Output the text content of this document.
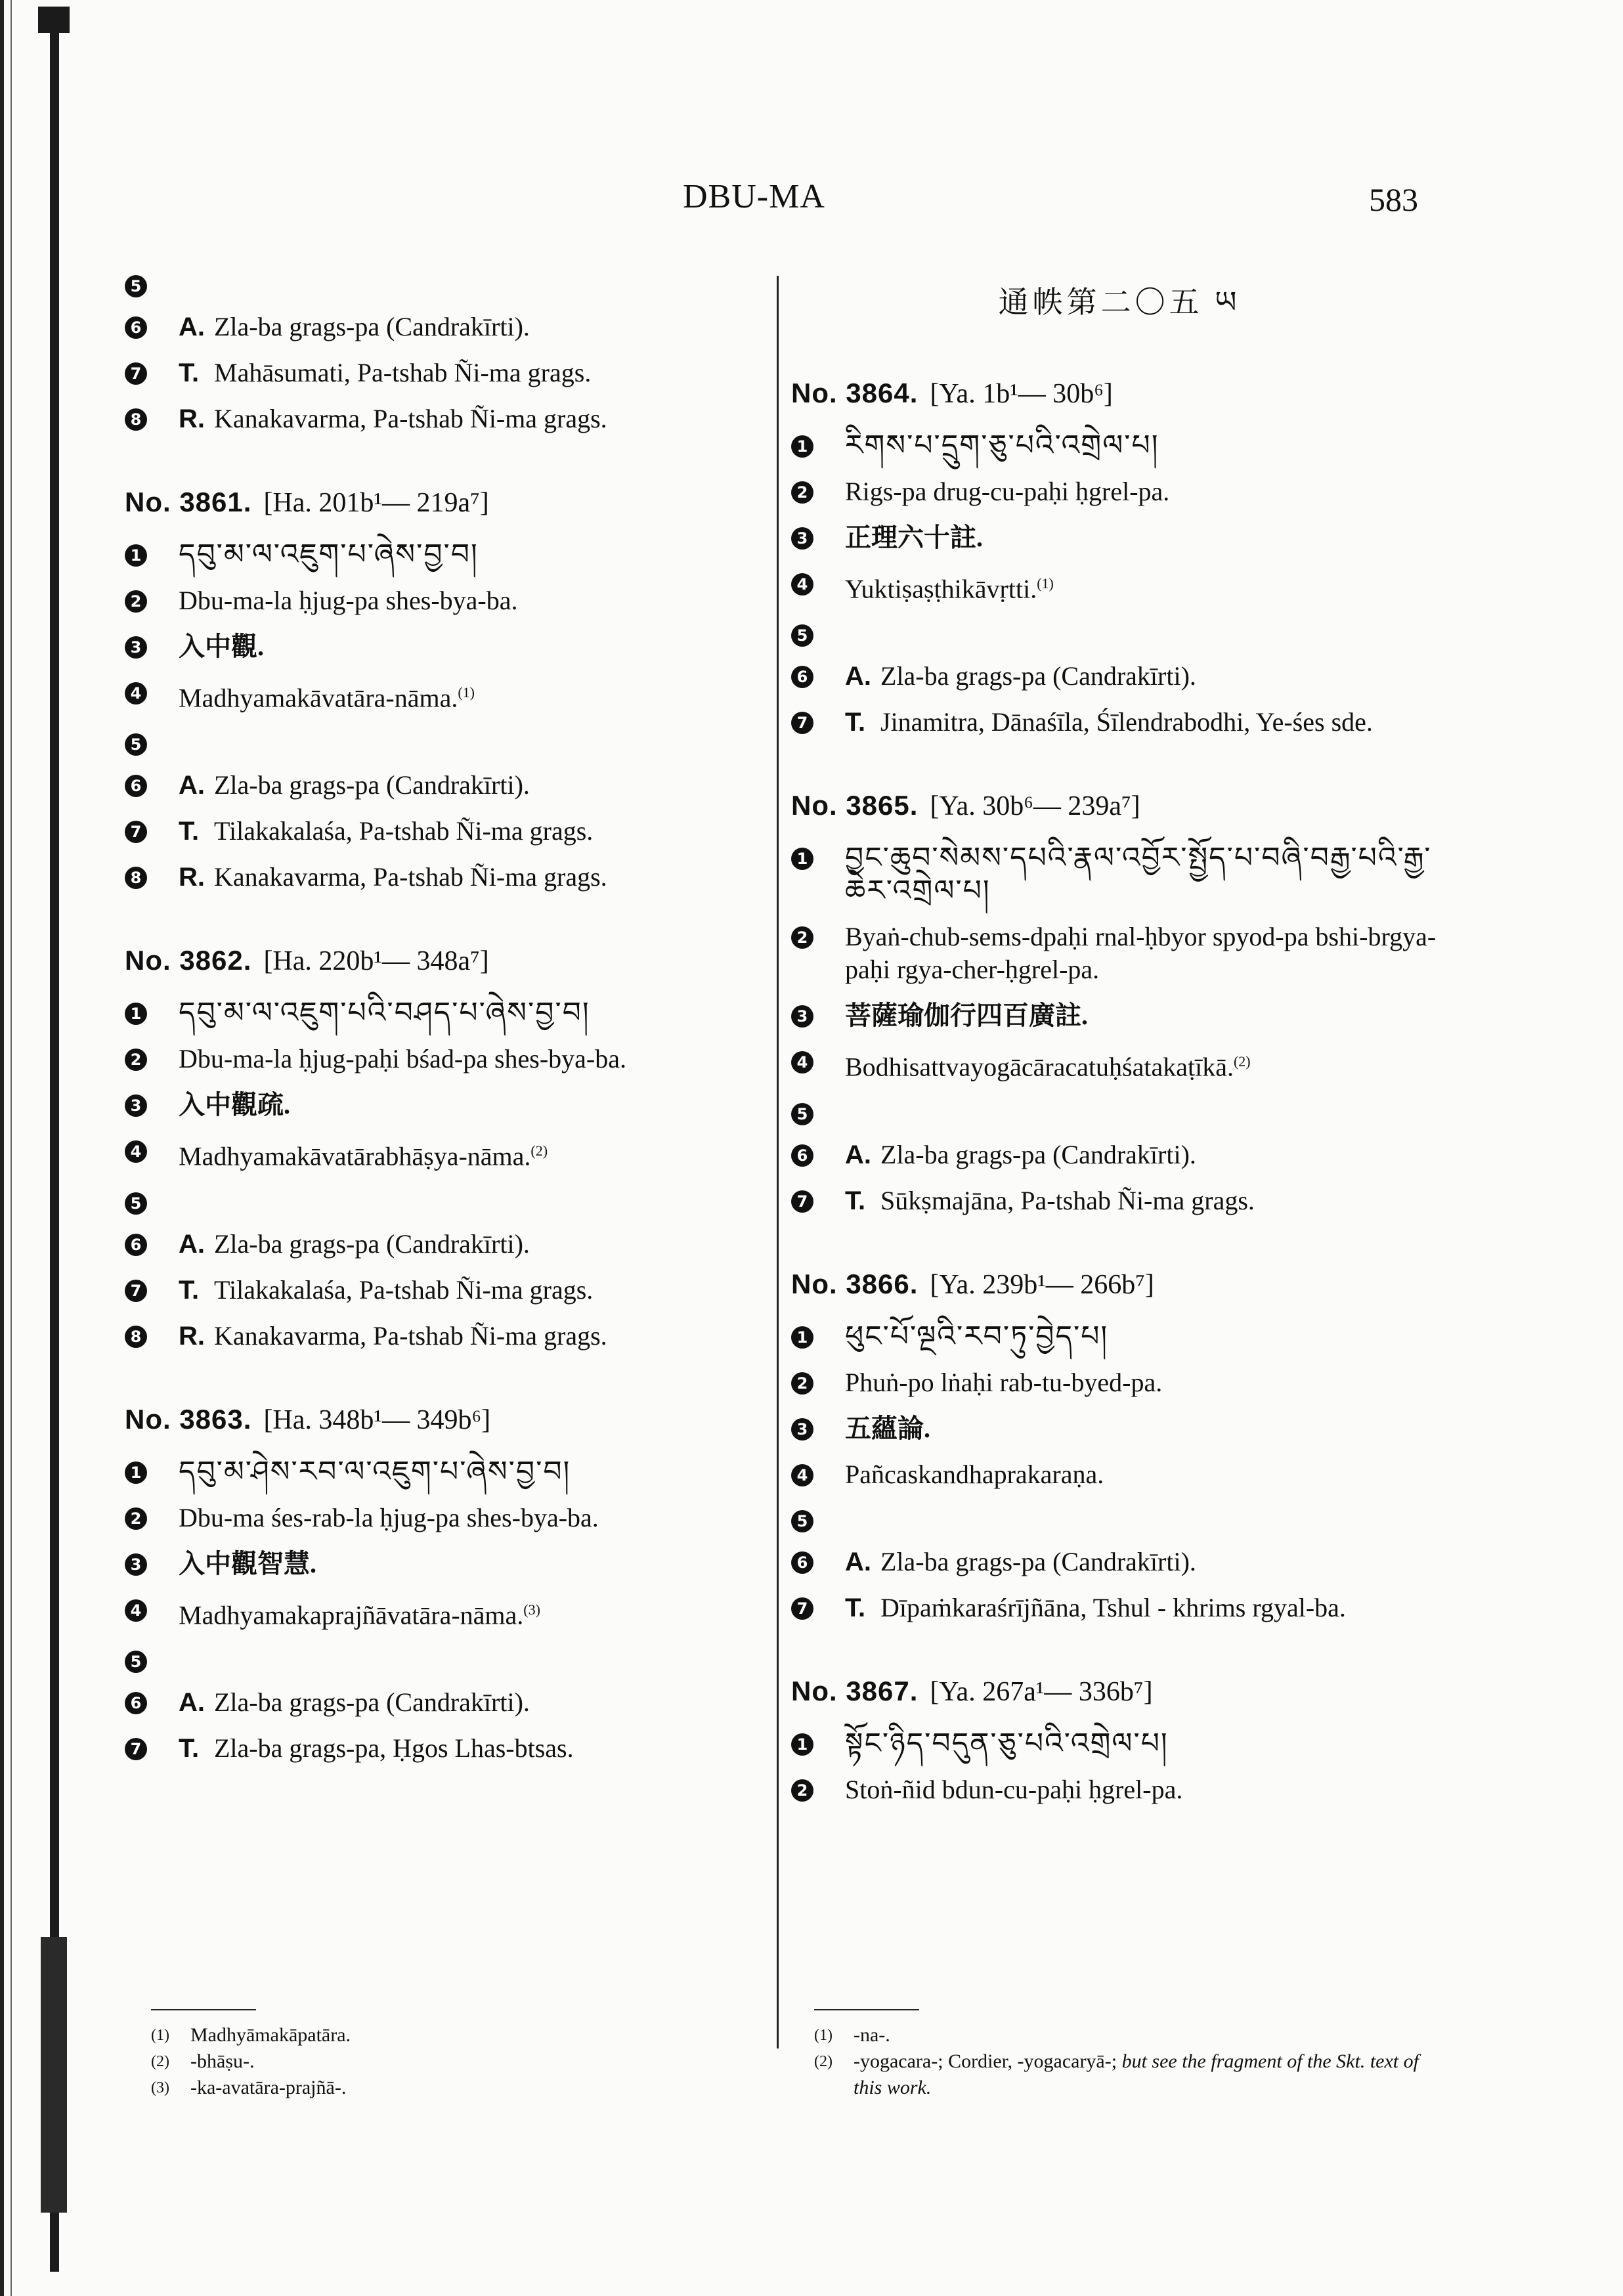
DBU-MA	583
5
6 A. Zla-ba grags-pa (Candrakīrti).
7 T. Mahāsumati, Pa-tshab Ñi-ma grags.
8 R. Kanakavarma, Pa-tshab Ñi-ma grags.
No. 3861. [Ha. 201b¹— 219a⁷]
1 དབུ་མ་ལ་འཇུག་པ་ཞེས་བྱ་བ།
2 Dbu-ma-la ḥjug-pa shes-bya-ba.
3 入中觀.
4 Madhyamakāvatāra-nāma.$^{(1)}$
5
6 A. Zla-ba grags-pa (Candrakīrti).
7 T. Tilakakalaśa, Pa-tshab Ñi-ma grags.
8 R. Kanakavarma, Pa-tshab Ñi-ma grags.
No. 3862. [Ha. 220b¹— 348a⁷]
1 དབུ་མ་ལ་འཇུག་པའི་བཤད་པ་ཞེས་བྱ་བ།
2 Dbu-ma-la ḥjug-paḥi bśad-pa shes-bya-ba.
3 入中觀疏.
4 Madhyamakāvatārabhāṣya-nāma.$^{(2)}$
5
6 A. Zla-ba grags-pa (Candrakīrti).
7 T. Tilakakalaśa, Pa-tshab Ñi-ma grags.
8 R. Kanakavarma, Pa-tshab Ñi-ma grags.
No. 3863. [Ha. 348b¹— 349b⁶]
1 དབུ་མ་ཤེས་རབ་ལ་འཇུག་པ་ཞེས་བྱ་བ།
2 Dbu-ma śes-rab-la ḥjug-pa shes-bya-ba.
3 入中觀智慧.
4 Madhyamakaprajñāvatāra-nāma.$^{(3)}$
5
6 A. Zla-ba grags-pa (Candrakīrti).
7 T. Zla-ba grags-pa, Ḥgos Lhas-btsas.
通帙第二〇五 ཡ
No. 3864. [Ya. 1b¹— 30b⁶]
1 རིགས་པ་དྲུག་ཅུ་པའི་འགྲེལ་པ།
2 Rigs-pa drug-cu-paḥi ḥgrel-pa.
3 正理六十註.
4 Yuktiṣaṣṭhikāvṛtti.$^{(1)}$
5
6 A. Zla-ba grags-pa (Candrakīrti).
7 T. Jinamitra, Dānaśīla, Śīlendrabodhi, Ye-śes sde.
No. 3865. [Ya. 30b⁶— 239a⁷]
1 བྱང་ཆུབ་སེམས་དཔའི་རྣལ་འབྱོར་སྤྱོད་པ་བཞི་བརྒྱ་པའི་རྒྱ་ཆེར་འགྲེལ་པ།
2 Byaṅ-chub-sems-dpaḥi rnal-ḥbyor spyod-pa bshi-brgya-paḥi rgya-cher-ḥgrel-pa.
3 菩薩瑜伽行四百廣註.
4 Bodhisattvayogācāracatuḥśatakaṭīkā.$^{(2)}$
5
6 A. Zla-ba grags-pa (Candrakīrti).
7 T. Sūkṣmajāna, Pa-tshab Ñi-ma grags.
No. 3866. [Ya. 239b¹— 266b⁷]
1 ཕུང་པོ་ལྔའི་རབ་ཏུ་བྱེད་པ།
2 Phuṅ-po lṅaḥi rab-tu-byed-pa.
3 五蘊論.
4 Pañcaskandhaprakaraṇa.
5
6 A. Zla-ba grags-pa (Candrakīrti).
7 T. Dīpaṁkaraśrījñāna, Tshul - khrims rgyal-ba.
No. 3867. [Ya. 267a¹— 336b⁷]
1 སྟོང་ཉིད་བདུན་ཅུ་པའི་འགྲེལ་པ།
2 Stoṅ-ñid bdun-cu-paḥi ḥgrel-pa.
(1)	Madhyāmakāpatāra.
(2)	-bhāṣu-.
(3)	-ka-avatāra-prajñā-.
(1)	-na-.
(2)	-yogacara-; Cordier, -yogacaryā-; but see the fragment of the Skt. text of this work.
